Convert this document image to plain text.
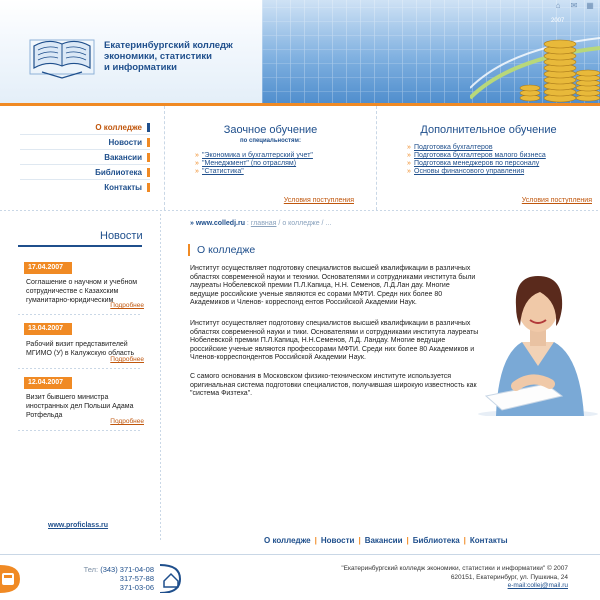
Екатеринбургский колледж
экономики, статистики
и информатики
⌂ ✉ ▦
2007
О колледже
Новости
Вакансии
Библиотека
Контакты
Заочное обучение
по специальностям:
» "Экономика и бухгалтерский учет"
» "Менеджмент" (по отраслям)
» "Статистика"
Условия поступления
Дополнительное обучение
» Подготовка бухгалтеров
» Подготовка бухгалтеров малого бизнеса
» Подготовка менеджеров по персоналу
» Основы финансового управления
Условия поступления
Новости
17.04.2007
Соглашение о научном и учебном сотрудничестве с Казахским гуманитарно-юридическим
Подробнее
13.04.2007
Рабочий визит представителей МГИМО (У) в Калужскую область
Подробнее
12.04.2007
Визит бывшего министра иностранных дел Польши Адама Ротфельда
Подробнее
www.proficlass.ru
» www.colledj.ru : главная / о колледже / ...
О колледже
Институт осуществляет подготовку специалистов высшей квалификации в различных областях современной науки и техники. Основателями и сотрудниками института были лауреаты Нобелевской премии П.Л.Капица, Н.Н. Семенов, Л.Д.Лан дау. Многие ведущие российские ученые являются ес сорами МФТИ. Средн них более 80 Академиков и Членов- корреспонд ентов Российской Академии Наук.
Институт осуществляет подготовку специалистов высшей квалификации в различных областях современной науки и тики. Основателями и сотрудниками института лауреаты Нобелевской премии П.Л.Капица, Н.Н.Семенов, Л.Д. Ландау. Многие ведущие российские ученые являются профессорами МФТИ. Среди них более 80 Академиков и Членов-корреспондентов Российской Академии Наук.
С самого основания в Московском физико-техническом институте используется оригинальная система подготовки специалистов, получившая широкую известность как "система Физтеха".
О колледже | Новости | Вакансии | Библиотека | Контакты
Тел: (343) 371-04-08
317-57-88
371-03-06
"Екатеринбургский колледж экономики, статистики и информатики" © 2007
620151, Екатеринбург, ул. Пушкина, 24
e-mail:collej@mail.ru
